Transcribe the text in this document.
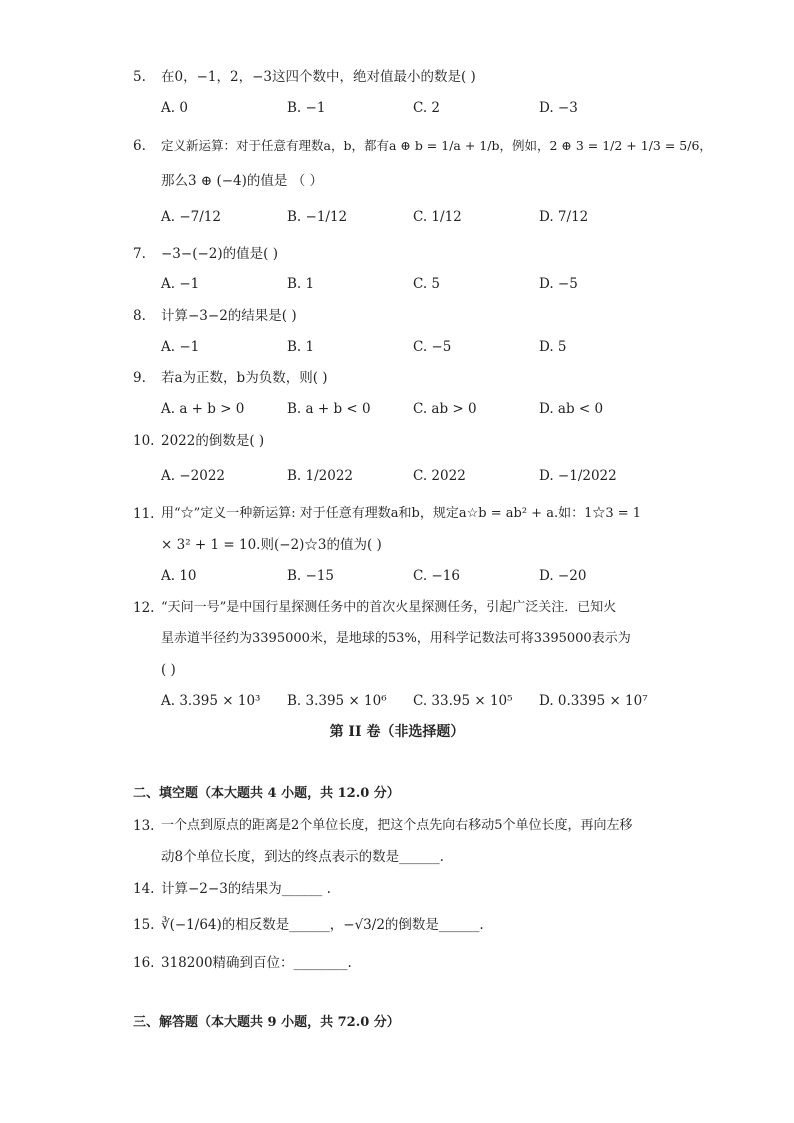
5. 在0，−1，2，−3这四个数中，绝对值最小的数是( )
A. 0	B. −1	C. 2	D. −3
6. 定义新运算：对于任意有理数a，b，都有a ⊕ b = 1/a + 1/b，例如，2 ⊕ 3 = 1/2 + 1/3 = 5/6，
那么3 ⊕ (−4)的值是 （ ）
A. −7/12	B. −1/12	C. 1/12	D. 7/12
7. −3−(−2)的值是( )
A. −1	B. 1	C. 5	D. −5
8. 计算−3−2的结果是( )
A. −1	B. 1	C. −5	D. 5
9. 若a为正数，b为负数，则( )
A. a + b > 0	B. a + b < 0	C. ab > 0	D. ab < 0
10. 2022的倒数是( )
A. −2022	B. 1/2022	C. 2022	D. −1/2022
11. 用“☆”定义一种新运算: 对于任意有理数a和b，规定a☆b = ab² + a.如：1☆3 = 1
× 3² + 1 = 10.则(−2)☆3的值为( )
A. 10	B. −15	C. −16	D. −20
12. “天问一号”是中国行星探测任务中的首次火星探测任务，引起广泛关注．已知火
星赤道半径约为3395000米，是地球的53%，用科学记数法可将3395000表示为
( )
A. 3.395 × 10³ B. 3.395 × 10⁶ C. 33.95 × 10⁵ D. 0.3395 × 10⁷
第 II 卷（非选择题）
二、填空题（本大题共 4 小题，共 12.0 分）
13. 一个点到原点的距离是2个单位长度，把这个点先向右移动5个单位长度，再向左移
动8个单位长度，到达的终点表示的数是______.
14. 计算−2−3的结果为______ .
15. ∛(−1/64)的相反数是______，−√3/2的倒数是______.
16. 318200精确到百位：________.
三、解答题（本大题共 9 小题，共 72.0 分）
